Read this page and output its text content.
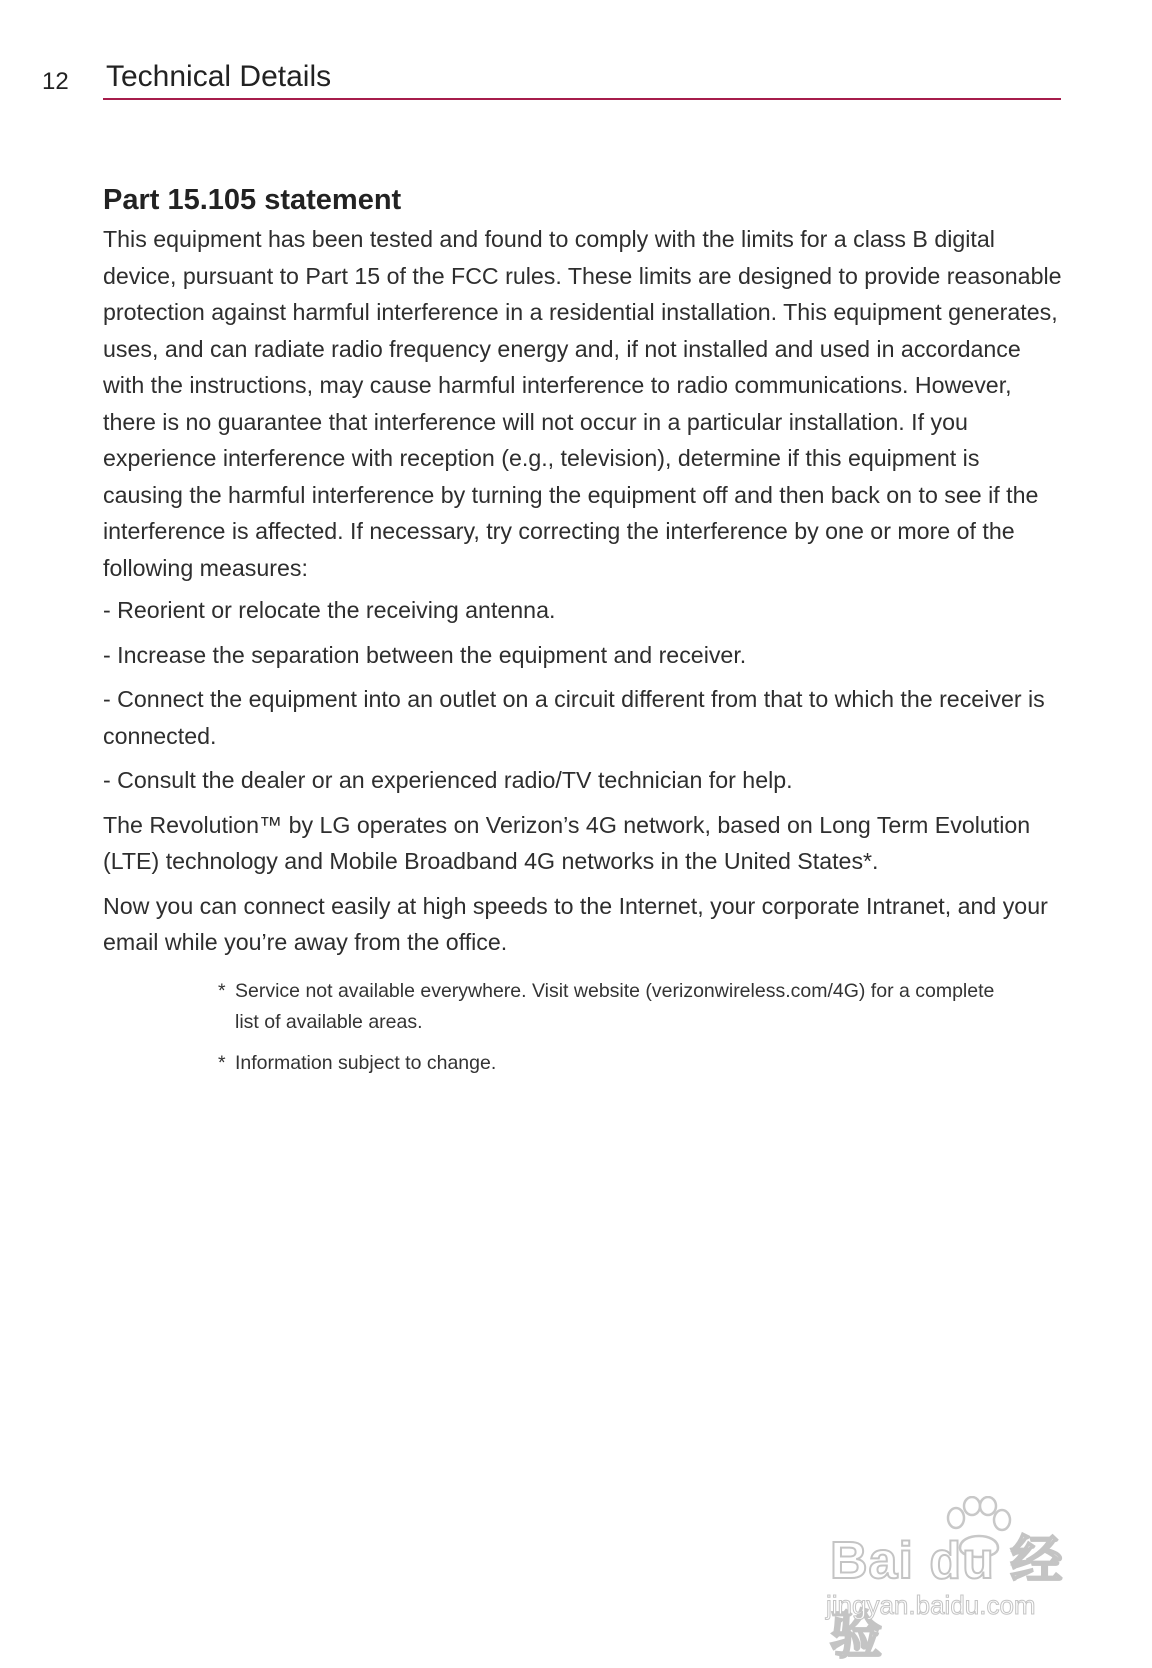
12 Technical Details
Part 15.105 statement

This equipment has been tested and found to comply with the limits for a class B digital device, pursuant to Part 15 of the FCC rules. These limits are designed to provide reasonable protection against harmful interference in a residential installation. This equipment generates, uses, and can radiate radio frequency energy and, if not installed and used in accordance with the instructions, may cause harmful interference to radio communications. However, there is no guarantee that interference will not occur in a particular installation. If you experience interference with reception (e.g., television), determine if this equipment is causing the harmful interference by turning the equipment off and then back on to see if the interference is affected. If necessary, try correcting the interference by one or more of the following measures:

- Reorient or relocate the receiving antenna.

- Increase the separation between the equipment and receiver.

- Connect the equipment into an outlet on a circuit different from that to which the receiver is connected.

- Consult the dealer or an experienced radio/TV technician for help.

The Revolution™ by LG operates on Verizon’s 4G network, based on Long Term Evolution (LTE) technology and Mobile Broadband 4G networks in the United States*.

Now you can connect easily at high speeds to the Internet, your corporate Intranet, and your email while you’re away from the office.

* Service not available everywhere. Visit website (verizonwireless.com/4G) for a complete list of available areas.
* Information subject to change.
Bai du 经验
jingyan.baidu.com
